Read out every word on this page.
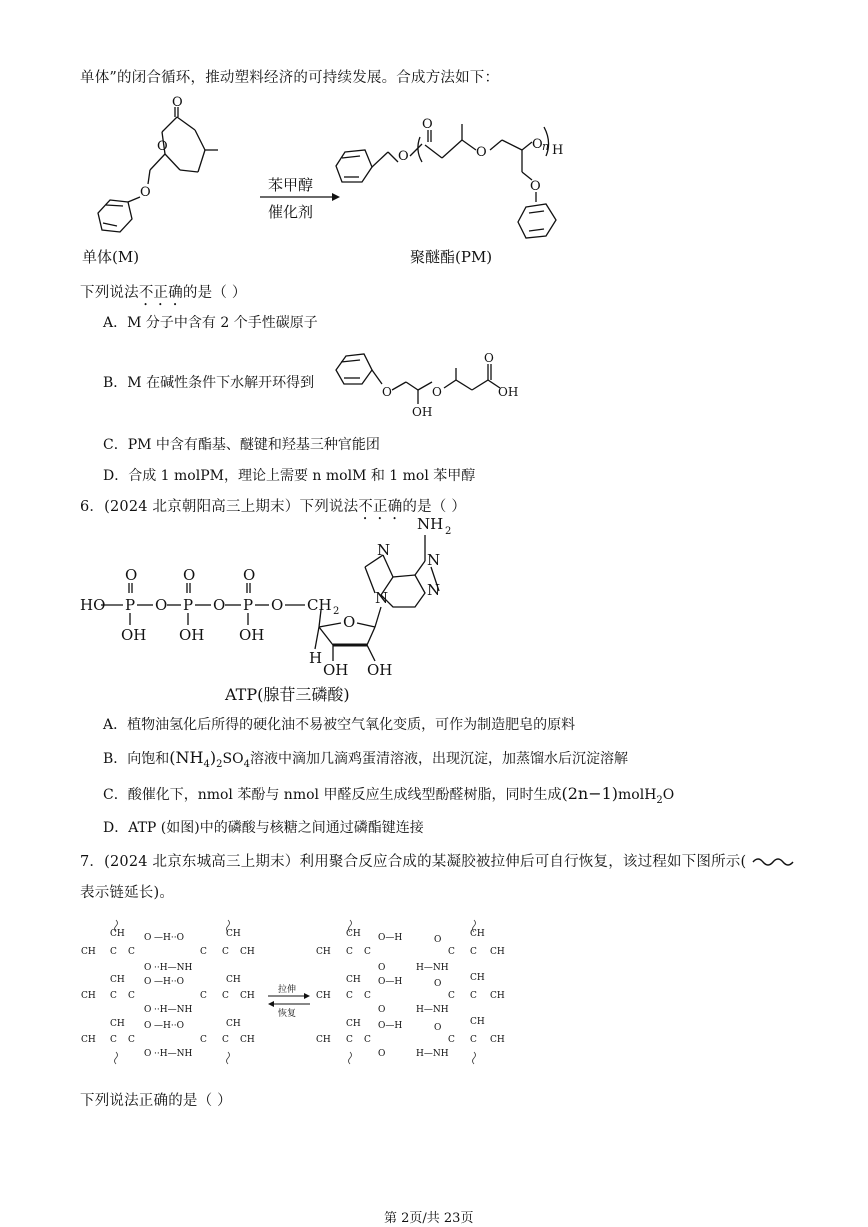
单体”的闭合循环，推动塑料经济的可持续发展。合成方法如下：
O
O
O
单体(M)
苯甲醇
催化剂
O
O
O
O n H
O
聚醚酯(PM)
下列说法不正确的是（ ）
A．M 分子中含有 2 个手性碳原子
B．M 在碱性条件下水解开环得到
O
OH
O
O
OH
C．PM 中含有酯基、醚键和羟基三种官能团
D．合成 1 molPM，理论上需要 n molM 和 1 mol 苯甲醇
6．(2024 北京朝阳高三上期末）下列说法不正确的是（ ）
HO P	P	P
O	O	O
O	O	O
OH OH OH
CH 2
O
H
OH OH
N
N
N
N
NH 2
ATP(腺苷三磷酸)
A．植物油氢化后所得的硬化油不易被空气氧化变质，可作为制造肥皂的原料
B．向饱和$(NH_4)_2SO_4$溶液中滴加几滴鸡蛋清溶液，出现沉淀，加蒸馏水后沉淀溶解
C．酸催化下，nmol 苯酚与 nmol 甲醛反应生成线型酚醛树脂，同时生成(2n−1)molH$_2$O
D．ATP (如图)中的磷酸与核糖之间通过磷酯键连接
7．(2024 北京东城高三上期末）利用聚合反应合成的某凝胶被拉伸后可自行恢复，该过程如下图所示(
表示链延长)。
CH
CH C C
O
O
—H··O
··H—NH
CH
C C CH
CH
CH C C
O
O
—H··O
··H—NH
CH
C C CH
CH
CH C C
O
O
—H··O
··H—NH
CH
C C CH
CH
CH C C
O—H
O
CH
CH C C
O—H
O
CH
CH C C
O—H
O
O
H—NH
C C
CH
CH
O
H—NH
C C
CH
CH
O
H—NH
C C
CH
CH
拉伸
恢复
下列说法正确的是（ ）
第 2页/共 23页
